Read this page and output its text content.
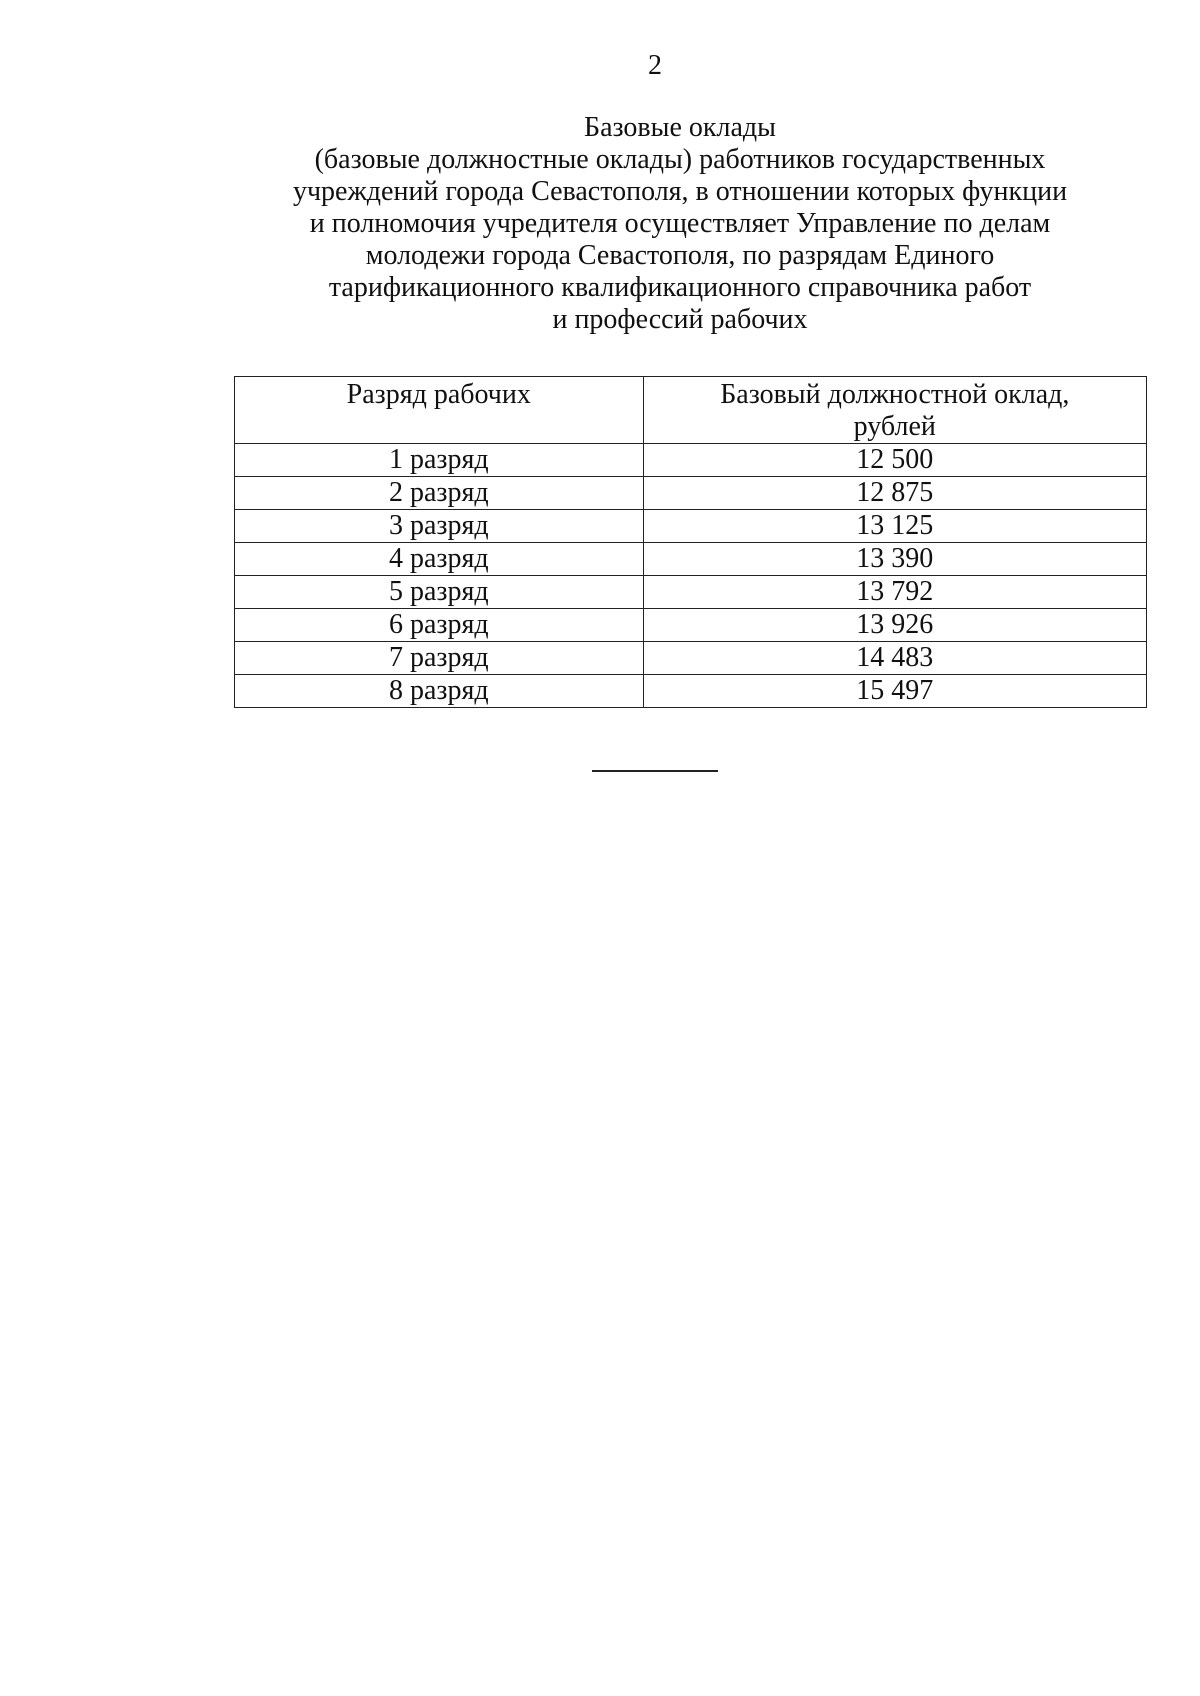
2
Базовые оклады
(базовые должностные оклады) работников государственных
учреждений города Севастополя, в отношении которых функции
и полномочия учредителя осуществляет Управление по делам
молодежи города Севастополя, по разрядам Единого
тарификационного квалификационного справочника работ
и профессий рабочих
Разряд рабочих	Базовый должностной оклад,
рублей
1 разряд	12 500
2 разряд	12 875
3 разряд	13 125
4 разряд	13 390
5 разряд	13 792
6 разряд	13 926
7 разряд	14 483
8 разряд	15 497
